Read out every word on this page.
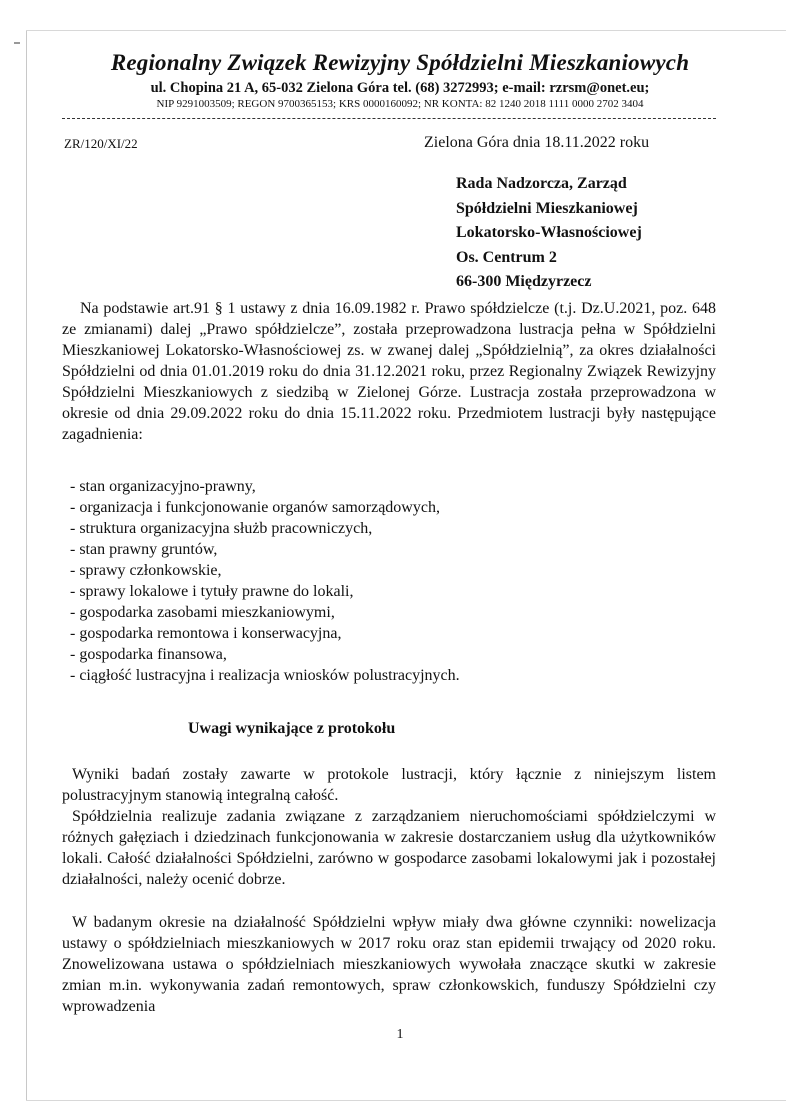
Regionalny Związek Rewizyjny Spółdzielni Mieszkaniowych
ul. Chopina 21 A, 65-032 Zielona Góra tel. (68) 3272993; e-mail: rzrsm@onet.eu;
NIP 9291003509; REGON 9700365153; KRS 0000160092; NR KONTA: 82 1240 2018 1111 0000 2702 3404
ZR/120/XI/22	Zielona Góra dnia 18.11.2022 roku
Rada Nadzorcza, Zarząd
Spółdzielni Mieszkaniowej
Lokatorsko-Własnościowej
Os. Centrum 2
66-300 Międzyrzecz
Na podstawie art.91 § 1 ustawy z dnia 16.09.1982 r. Prawo spółdzielcze (t.j. Dz.U.2021, poz. 648 ze zmianami) dalej „Prawo spółdzielcze”, została przeprowadzona lustracja pełna w Spółdzielni Mieszkaniowej Lokatorsko-Własnościowej zs. w zwanej dalej „Spółdzielnią”, za okres działalności Spółdzielni od dnia 01.01.2019 roku do dnia 31.12.2021 roku, przez Regionalny Związek Rewizyjny Spółdzielni Mieszkaniowych z siedzibą w Zielonej Górze. Lustracja została przeprowadzona w okresie od dnia 29.09.2022 roku do dnia 15.11.2022 roku. Przedmiotem lustracji były następujące zagadnienia:
- stan organizacyjno-prawny,
- organizacja i funkcjonowanie organów samorządowych,
- struktura organizacyjna służb pracowniczych,
- stan prawny gruntów,
- sprawy członkowskie,
- sprawy lokalowe i tytuły prawne do lokali,
- gospodarka zasobami mieszkaniowymi,
- gospodarka remontowa i konserwacyjna,
- gospodarka finansowa,
- ciągłość lustracyjna i realizacja wniosków polustracyjnych.
Uwagi wynikające z protokołu
Wyniki badań zostały zawarte w protokole lustracji, który łącznie z niniejszym listem polustracyjnym stanowią integralną całość.
Spółdzielnia realizuje zadania związane z zarządzaniem nieruchomościami spółdzielczymi w różnych gałęziach i dziedzinach funkcjonowania w zakresie dostarczaniem usług dla użytkowników lokali. Całość działalności Spółdzielni, zarówno w gospodarce zasobami lokalowymi jak i pozostałej działalności, należy ocenić dobrze.
W badanym okresie na działalność Spółdzielni wpływ miały dwa główne czynniki: nowelizacja ustawy o spółdzielniach mieszkaniowych w 2017 roku oraz stan epidemii trwający od 2020 roku. Znowelizowana ustawa o spółdzielniach mieszkaniowych wywołała znaczące skutki w zakresie zmian m.in. wykonywania zadań remontowych, spraw członkowskich, funduszy Spółdzielni czy wprowadzenia
1
